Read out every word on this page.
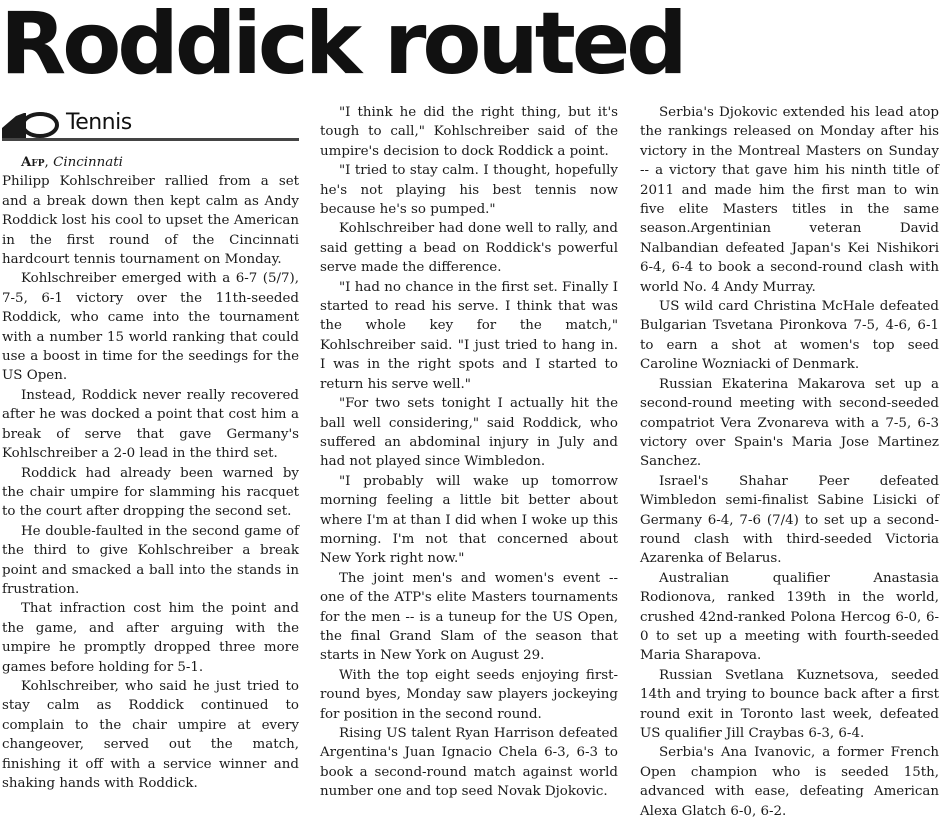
Roddick routed
Tennis

Afp, Cincinnati

Philipp Kohlschreiber rallied from a set and a break down then kept calm as Andy Roddick lost his cool to upset the American in the first round of the Cincinnati hardcourt tennis tournament on Monday.

Kohlschreiber emerged with a 6-7 (5/7), 7-5, 6-1 victory over the 11th-seeded Roddick, who came into the tournament with a number 15 world ranking that could use a boost in time for the seedings for the US Open.

Instead, Roddick never really recovered after he was docked a point that cost him a break of serve that gave Germany's Kohlschreiber a 2-0 lead in the third set.

Roddick had already been warned by the chair umpire for slamming his racquet to the court after dropping the second set.

He double-faulted in the second game of the third to give Kohlschreiber a break point and smacked a ball into the stands in frustration.

That infraction cost him the point and the game, and after arguing with the umpire he promptly dropped three more games before holding for 5-1.

Kohlschreiber, who said he just tried to stay calm as Roddick continued to complain to the chair umpire at every changeover, served out the match, finishing it off with a service winner and shaking hands with Roddick.

"I think he did the right thing, but it's tough to call," Kohlschreiber said of the umpire's decision to dock Roddick a point.

"I tried to stay calm. I thought, hopefully he's not playing his best tennis now because he's so pumped."

Kohlschreiber had done well to rally, and said getting a bead on Roddick's powerful serve made the difference.

"I had no chance in the first set. Finally I started to read his serve. I think that was the whole key for the match," Kohlschreiber said. "I just tried to hang in. I was in the right spots and I started to return his serve well."

"For two sets tonight I actually hit the ball well considering," said Roddick, who suffered an abdominal injury in July and had not played since Wimbledon.

"I probably will wake up tomorrow morning feeling a little bit better about where I'm at than I did when I woke up this morning. I'm not that concerned about New York right now."

The joint men's and women's event -- one of the ATP's elite Masters tournaments for the men -- is a tuneup for the US Open, the final Grand Slam of the season that starts in New York on August 29.

With the top eight seeds enjoying first-round byes, Monday saw players jockeying for position in the second round.

Rising US talent Ryan Harrison defeated Argentina's Juan Ignacio Chela 6-3, 6-3 to book a second-round match against world number one and top seed Novak Djokovic.

Serbia's Djokovic extended his lead atop the rankings released on Monday after his victory in the Montreal Masters on Sunday -- a victory that gave him his ninth title of 2011 and made him the first man to win five elite Masters titles in the same season.Argentinian veteran David Nalbandian defeated Japan's Kei Nishikori 6-4, 6-4 to book a second-round clash with world No. 4 Andy Murray.

US wild card Christina McHale defeated Bulgarian Tsvetana Pironkova 7-5, 4-6, 6-1 to earn a shot at women's top seed Caroline Wozniacki of Denmark.

Russian Ekaterina Makarova set up a second-round meeting with second-seeded compatriot Vera Zvonareva with a 7-5, 6-3 victory over Spain's Maria Jose Martinez Sanchez.

Israel's Shahar Peer defeated Wimbledon semi-finalist Sabine Lisicki of Germany 6-4, 7-6 (7/4) to set up a second-round clash with third-seeded Victoria Azarenka of Belarus.

Australian qualifier Anastasia Rodionova, ranked 139th in the world, crushed 42nd-ranked Polona Hercog 6-0, 6-0 to set up a meeting with fourth-seeded Maria Sharapova.

Russian Svetlana Kuznetsova, seeded 14th and trying to bounce back after a first round exit in Toronto last week, defeated US qualifier Jill Craybas 6-3, 6-4.

Serbia's Ana Ivanovic, a former French Open champion who is seeded 15th, advanced with ease, defeating American Alexa Glatch 6-0, 6-2.
